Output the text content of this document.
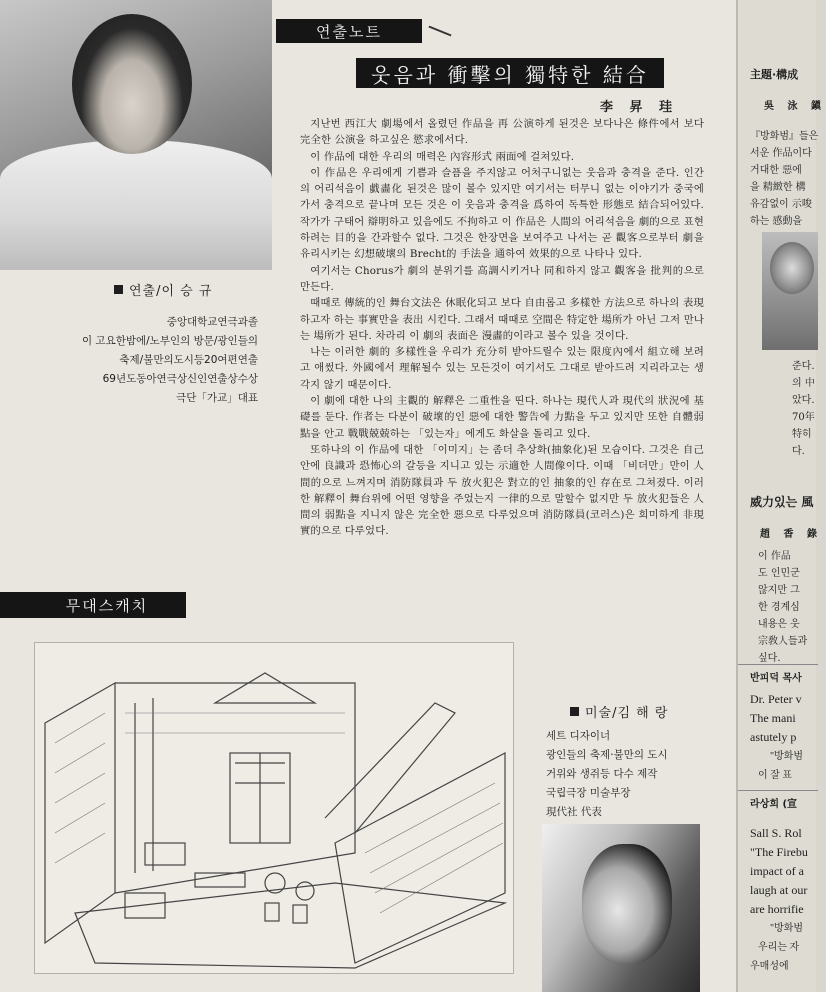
연출노트
웃음과 衝擊의 獨特한 結合
李 昇 珪

지난번 西江大 劇場에서 올렸던 作品을 再 公演하게 된것은 보다나은 條件에서 보다 完全한 公演을 하고싶은 慾求에서다.

이 作品에 대한 우리의 매력은 內容形式 兩面에 걸쳐있다.

이 作品은 우리에게 기쁨과 슬픔을 주지않고 어처구니없는 웃음과 충격을 준다. 인간의 어리석음이 戱畵化 된것은 많이 볼수 있지만 여기서는 터무니 없는 이야기가 중국에가서 충격으로 끝나며 모든 것은 이 웃음과 충격을 爲하여 독특한 形態로 結合되어있다. 작가가 구태어 辯明하고 있음에도 不拘하고 이 作品은 人間의 어리석음을 劇的으로 표현하려는 目的을 간과할수 없다. 그것은 한장면을 보여주고 나서는 곧 觀客으로부터 劇을 유리시키는 幻想破壞의 Brecht的 手法을 通하여 效果的으로 나타나 있다.

여기서는 Chorus가 劇의 분위기를 高調시키거나 同和하지 않고 觀客을 批判的으로 만든다.

때때로 傳統的인 舞台文法은 休眠化되고 보다 自由롭고 多樣한 方法으로 하나의 表現하고자 하는 事實만을 表出 시킨다. 그래서 때때로 空間은 特定한 場所가 아닌 그저 만나는 場所가 된다. 차라리 이 劇의 表面은 漫畵的이라고 볼수 있을 것이다.

나는 이러한 劇的 多樣性을 우리가 充分히 받아드릴수 있는 限度內에서 組立해 보려고 애썼다. 外國에서 理解될수 있는 모든것이 여기서도 그대로 받아드려 지리라고는 생각지 않기 때문이다.

이 劇에 대한 나의 主觀的 解釋은 二重性을 띤다. 하나는 現代人과 現代의 狀況에 基礎를 둔다. 作者는 다분이 破壞的인 惡에 대한 警告에 力點을 두고 있지만 또한 自體弱點을 안고 戰戰兢兢하는 「있는자」에게도 화살을 돌리고 있다.

또하나의 이 作品에 대한 「이미지」는 좀더 추상화(抽象化)된 모습이다. 그것은 自己안에 良識과 恐怖心의 갈등을 지니고 있는 示適한 人間像이다. 이때 「비더만」만이 人間的으로 느껴지며 消防隊員과 두 放火犯은 對立的인 抽象的인 存在로 그쳐졌다. 이러한 解釋이 舞台위에 어떤 영향을 주었는지 一律的으로 말할수 없지만 두 放火犯들은 人間의 弱點을 지니지 않은 完全한 惡으로 다루었으며 消防隊員(코러스)은 희미하게 非現實的으로 다루었다.

연출/이 승 규
중앙대학교연극과졸
이 고요한밤에/노부인의 방문/광인들의
축제/불만의도시등20여편연출
69년도동아연극상신인연출상수상
극단「가교」대표
무대스캐치
미술/김 해 랑
세트 디자이너
광인들의 축제·불만의 도시
거위와 생쥐등 다수 제작
국립극장 미술부장
現代社 代表
主題·構成
吳 泳 鎭
『방화범』들은
서운 作品이다
거대한 惡에
을 精緻한 構
유감없이 示唆
하는 感動을
준다.
의 中
았다.
70年
特히
다.
威力있는 風
趙 香 錄
이 作品
도 인민군
않지만 그
한 경계심
내용은 웃
宗敎人들과
싶다.
반피덕 목사
Dr. Peter v
The mani
astutely p
"방화범
이 잘 표
라상희 (宣
Sall S. Rol
"The Firebu
impact of a
laugh at our
are horrifie
"방화범
우리는 자
우매성에
